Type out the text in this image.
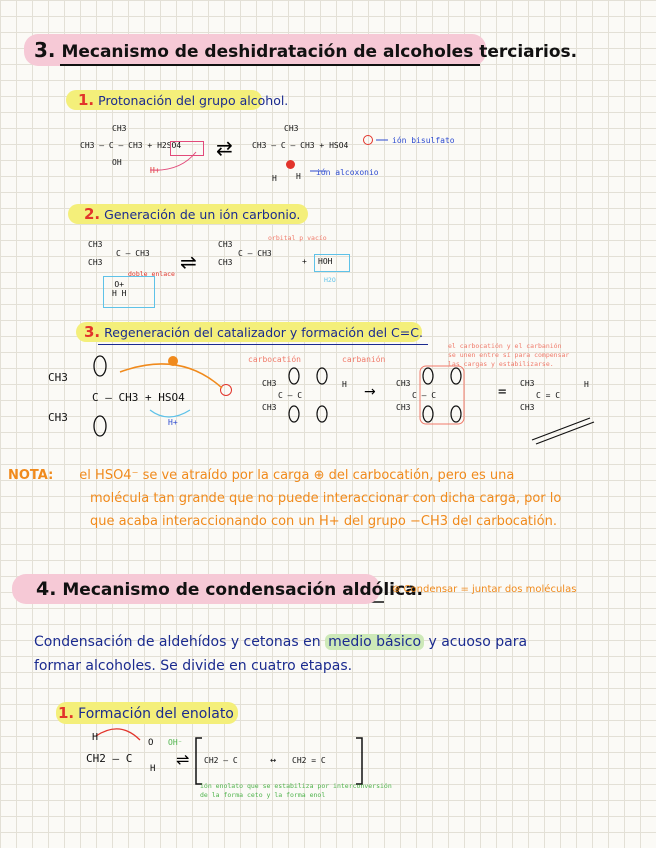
3. Mecanismo de deshidratación de alcoholes terciarios.
1. Protonación del grupo alcohol.
CH3
CH3 — C — CH3 + H2SO4
OH
H+
⇄
CH3
CH3 — C — CH3 + HSO4
H H
ión bisulfato
ión alcoxonio
2. Generación de un ión carbonio.
CH3
C — CH3
CH3
doble enlace
O+
H H
⇌
CH3
C — CH3
CH3
orbital p vacío
HOH
+
H2O
3. Regeneración del catalizador y formación del C=C.
carbocatión	carbanión
el carbocatión y el carbanión
se unen entre sí para compensar
las cargas y estabilizarse.
CH3
C — CH3 + HSO4
CH3	H+
CH3
C — C
CH3
H →
CH3
C — C
CH3
=
CH3
C = C
CH3
H
NOTA: el HSO4⁻ se ve atraído por la carga ⊕ del carbocatión, pero es una
molécula tan grande que no puede interaccionar con dicha carga, por lo
que acaba interaccionando con un H+ del grupo −CH3 del carbocatión.
4. Mecanismo de condensación aldólica.
⊛ Condensar = juntar dos moléculas
Condensación de aldehídos y cetonas en medio básico y acuoso para
formar alcoholes. Se divide en cuatro etapas.
1. Formación del enolato
H
CH2 — C
O
H
OH⁻
⇌ CH2 — C	↔ CH2 = C
ión enolato que se estabiliza por interconversión
de la forma ceto y la forma enol
